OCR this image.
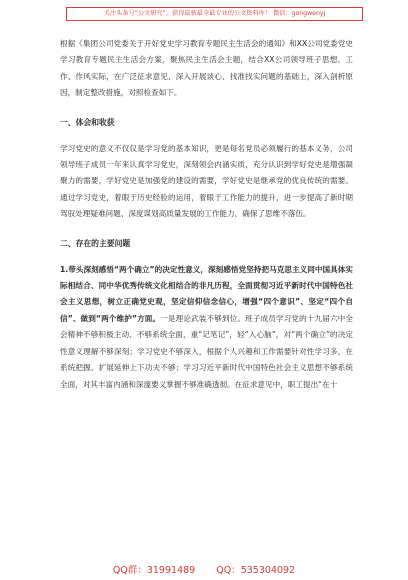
关注头条号“公文研究”，获得最新最全最专业的公文资料库！ 微信：gongwenyj

根据《集团公司党委关于开好党史学习教育专题民主生活会的通知》和XX公司党委党史学习教育专题民主生活会方案，聚焦民主生活会主题，结合XX公司领导班子思想、工作、作风实际，在广泛征求意见、深入开展谈心、找准找实问题的基础上，深入剖析原因，制定整改措施，对照检查如下。

一、体会和收获

学习党史的意义不仅仅是学习党的基本知识，更是每名党员必须履行的基本义务，公司领导班子成员一年来认真学习党史，深刻领会内涵实质，充分认识到学好党史是增强凝聚力的需要，学好党史是加强党的建设的需要，学好党史是继承党的优良传统的需要。通过学习党史，着眼于历史经验的运用，着眼于工作能力的提升，进一步提高了新时期驾驭处理疑难问题、深度谋划高质量发展的工作能力，确保了思维不落伍。

二、存在的主要问题

1.带头深刻感悟“两个确立”的决定性意义，深刻感悟党坚持把马克思主义同中国具体实际相结合、同中华优秀传统文化相结合的非凡历程，全面贯彻习近平新时代中国特色社会主义思想，树立正确党史观，坚定信仰信念信心，增强“四个意识”、坚定“四个自信”、做到“两个维护”方面。一是理论武装不够到位。班子成员学习党的十九届六中全会精神不够积极主动、不够系统全面，重“记笔记”，轻“入心脑”，对“两个确立”的决定性意义理解不够深刻；学习党史不够深入，根据个人兴趣和工作需要针对性学习多，在系统把握、扩展延伸上下功夫不够；学习习近平新时代中国特色社会主义思想不够系统全面，对其丰富内涵和深邃要义掌握不够准确透彻。在征求意见中，职工提出“在十

QQ群：31991489 QQ：535304092
